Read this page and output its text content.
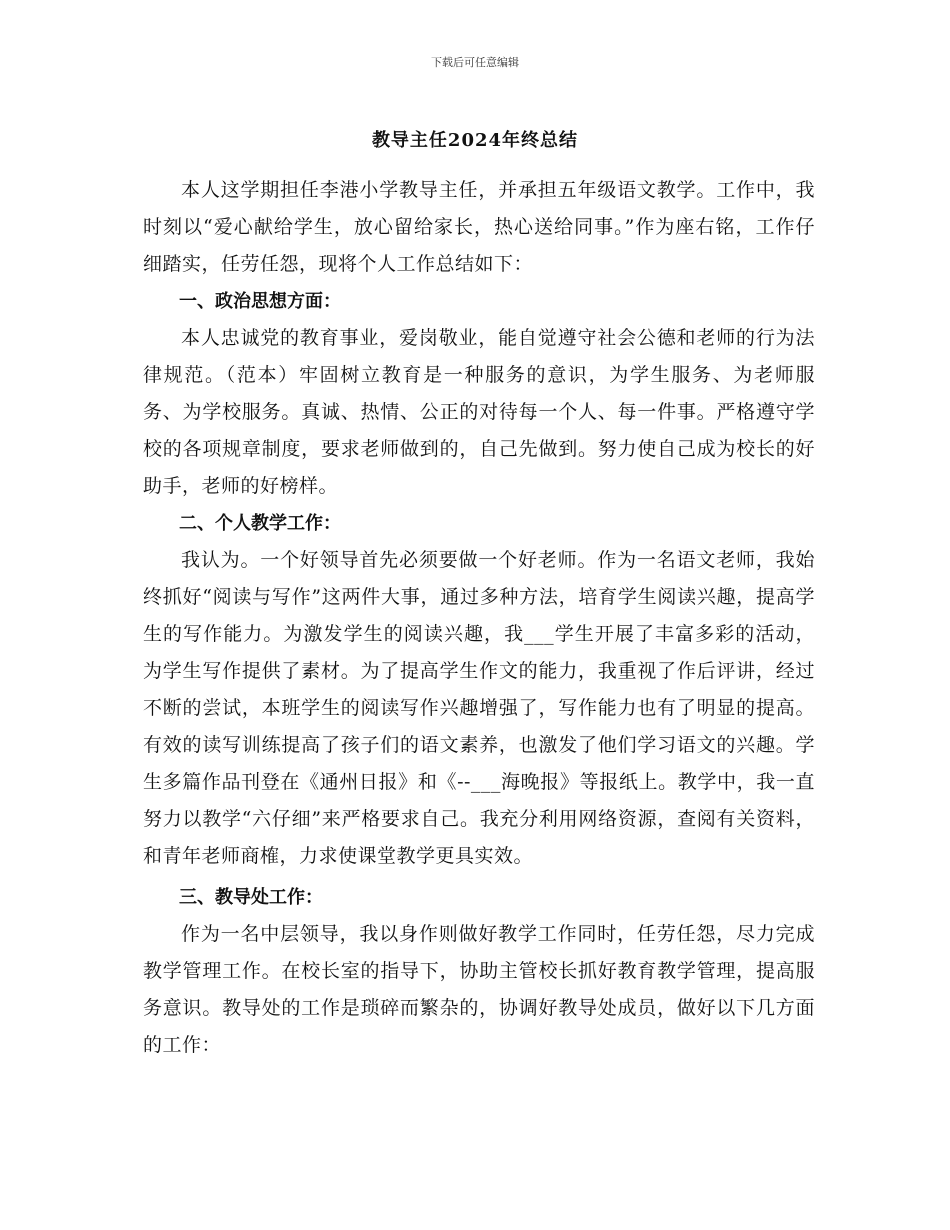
下载后可任意编辑
教导主任2024年终总结

本人这学期担任李港小学教导主任，并承担五年级语文教学。工作中，我时刻以“爱心献给学生，放心留给家长，热心送给同事。”作为座右铭，工作仔细踏实，任劳任怨，现将个人工作总结如下：

一、政治思想方面：

本人忠诚党的教育事业，爱岗敬业，能自觉遵守社会公德和老师的行为法律规范。（范本）牢固树立教育是一种服务的意识，为学生服务、为老师服务、为学校服务。真诚、热情、公正的对待每一个人、每一件事。严格遵守学校的各项规章制度，要求老师做到的，自己先做到。努力使自己成为校长的好助手，老师的好榜样。

二、个人教学工作：

我认为。一个好领导首先必须要做一个好老师。作为一名语文老师，我始终抓好“阅读与写作”这两件大事，通过多种方法，培育学生阅读兴趣，提高学生的写作能力。为激发学生的阅读兴趣，我___学生开展了丰富多彩的活动，为学生写作提供了素材。为了提高学生作文的能力，我重视了作后评讲，经过不断的尝试，本班学生的阅读写作兴趣增强了，写作能力也有了明显的提高。有效的读写训练提高了孩子们的语文素养，也激发了他们学习语文的兴趣。学生多篇作品刊登在《通州日报》和《--___海晚报》等报纸上。教学中，我一直努力以教学“六仔细”来严格要求自己。我充分利用网络资源，查阅有关资料，和青年老师商榷，力求使课堂教学更具实效。

三、教导处工作：

作为一名中层领导，我以身作则做好教学工作同时，任劳任怨，尽力完成教学管理工作。在校长室的指导下，协助主管校长抓好教育教学管理，提高服务意识。教导处的工作是琐碎而繁杂的，协调好教导处成员，做好以下几方面的工作：
